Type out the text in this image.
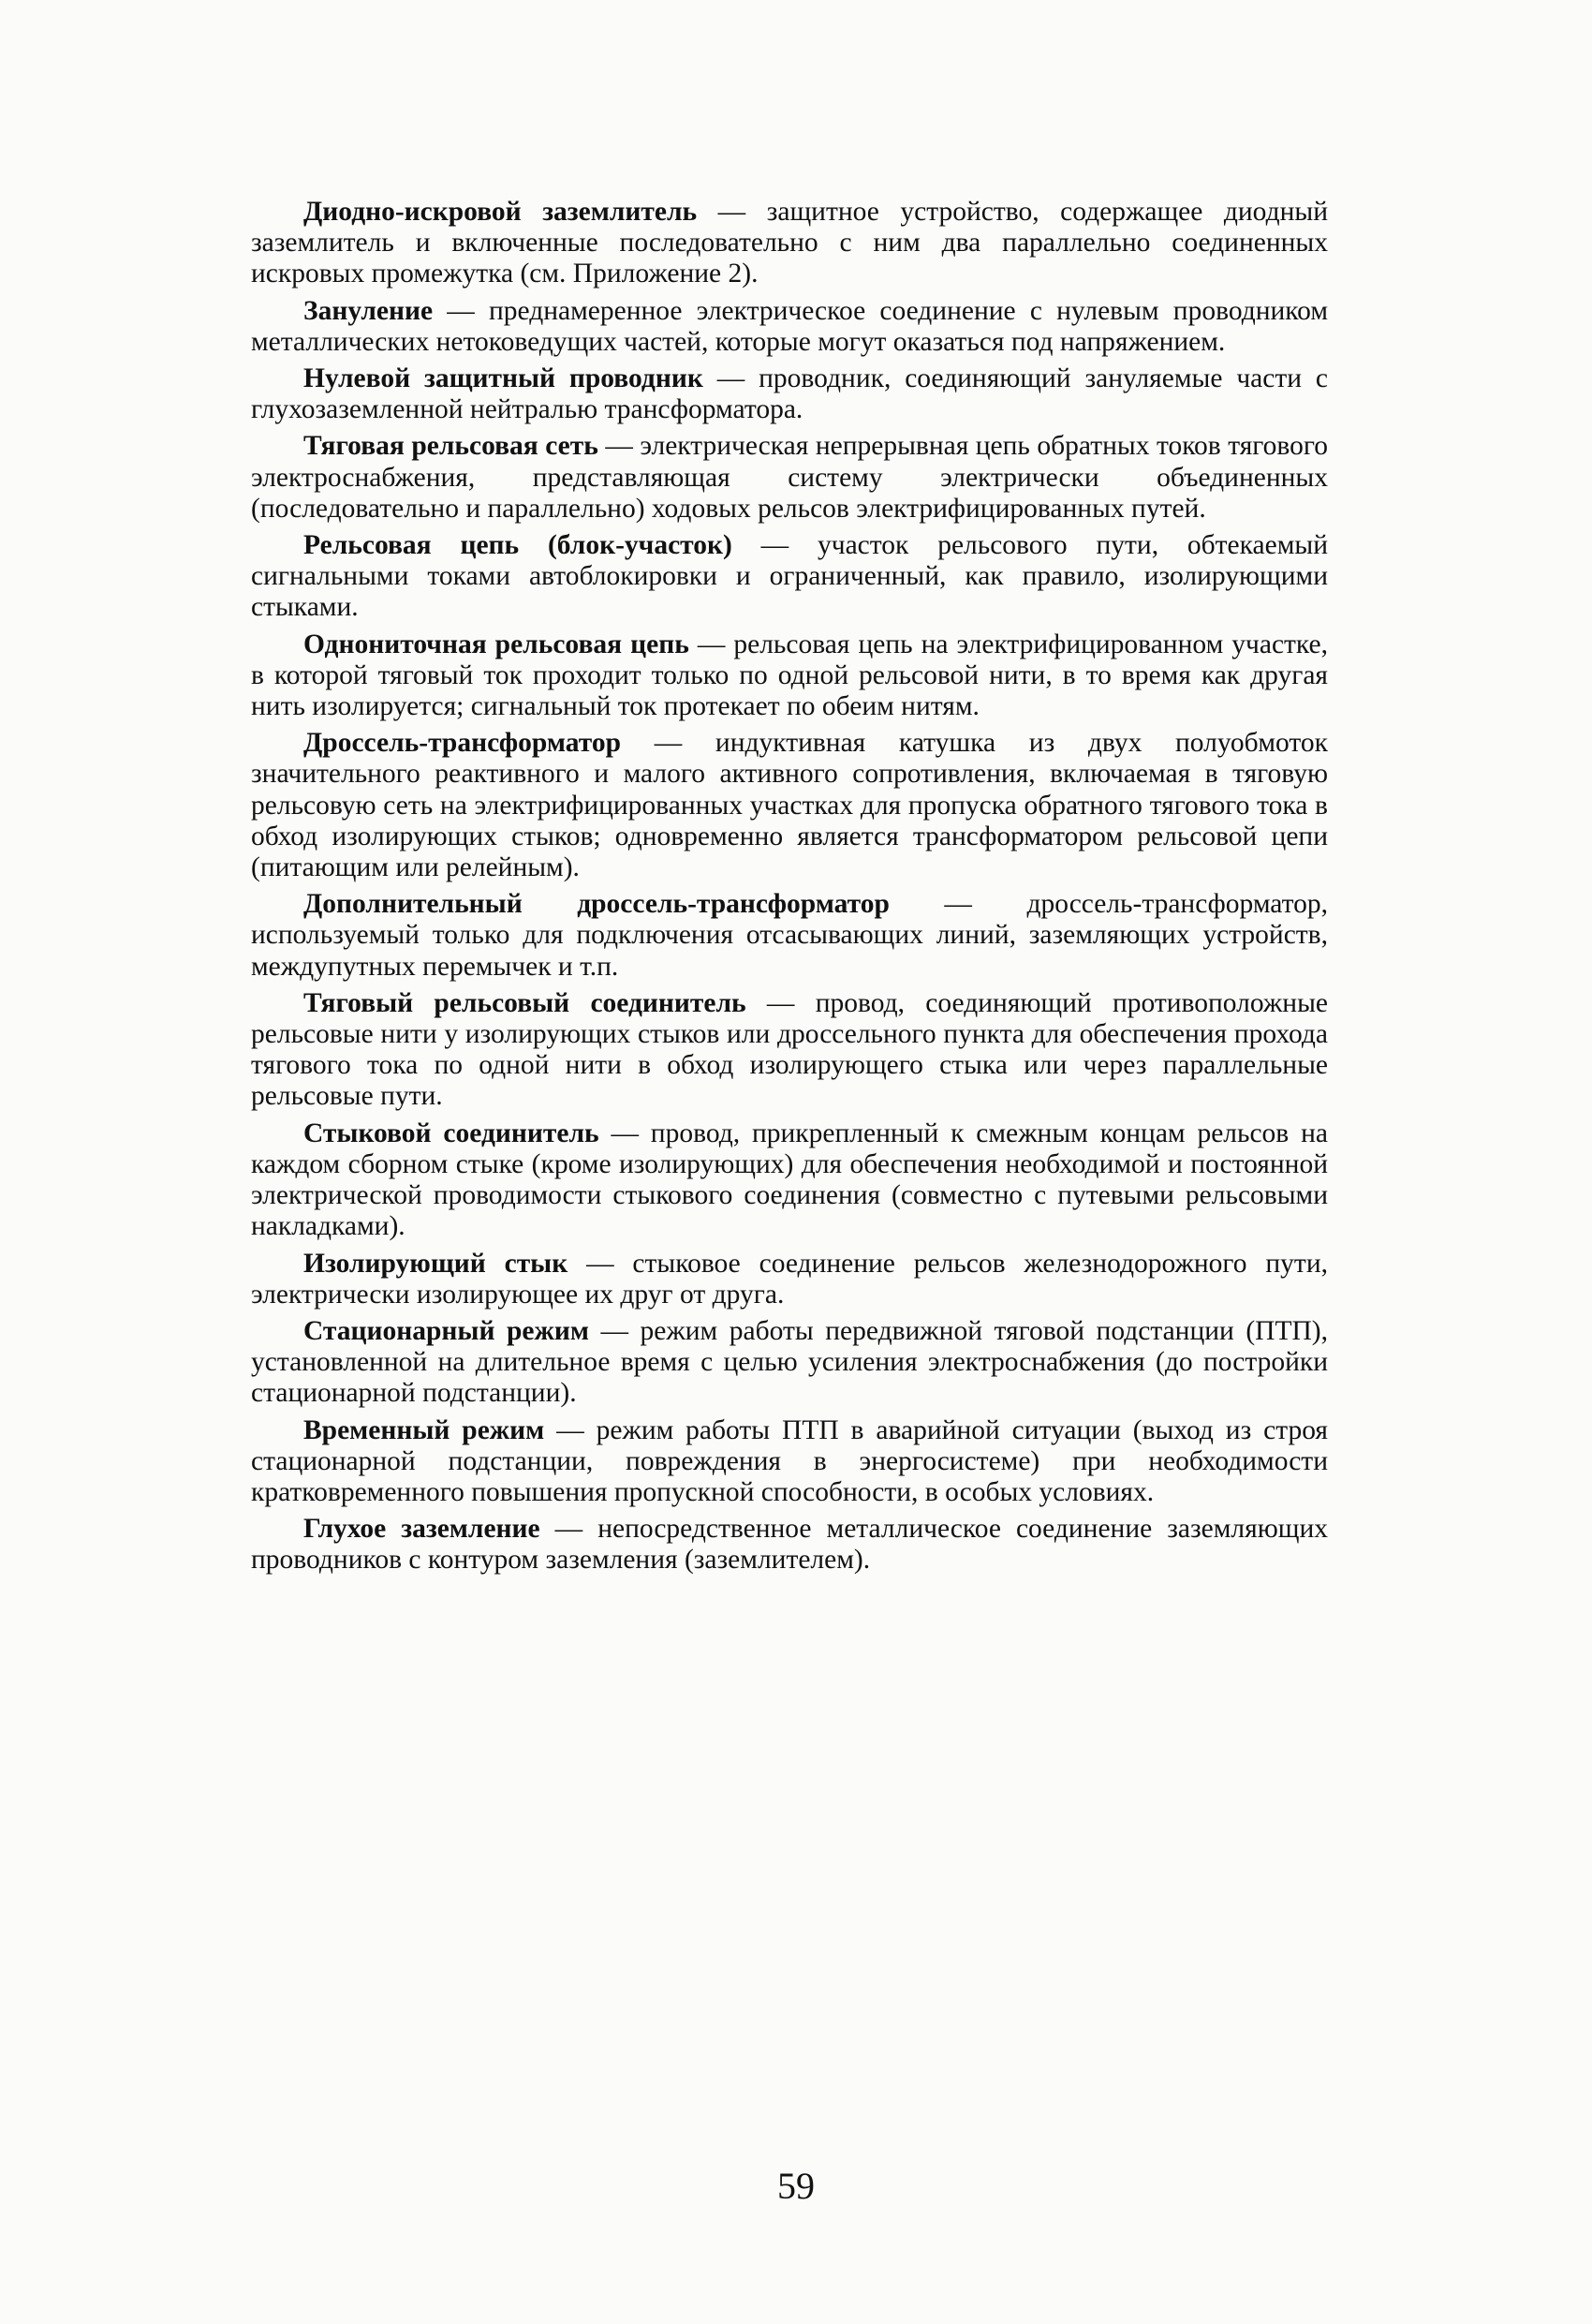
Диодно-искровой заземлитель — защитное устройство, содержащее диодный заземлитель и включенные последовательно с ним два параллельно соединенных искровых промежутка (см. Приложение 2).

Зануление — преднамеренное электрическое соединение с нулевым проводником металлических нетоковедущих частей, которые могут оказаться под напряжением.

Нулевой защитный проводник — проводник, соединяющий зануляемые части с глухозаземленной нейтралью трансформатора.

Тяговая рельсовая сеть — электрическая непрерывная цепь обратных токов тягового электроснабжения, представляющая систему электрически объединенных (последовательно и параллельно) ходовых рельсов электрифицированных путей.

Рельсовая цепь (блок-участок) — участок рельсового пути, обтекаемый сигнальными токами автоблокировки и ограниченный, как правило, изолирующими стыками.

Однониточная рельсовая цепь — рельсовая цепь на электрифицированном участке, в которой тяговый ток проходит только по одной рельсовой нити, в то время как другая нить изолируется; сигнальный ток протекает по обеим нитям.

Дроссель-трансформатор — индуктивная катушка из двух полуобмоток значительного реактивного и малого активного сопротивления, включаемая в тяговую рельсовую сеть на электрифицированных участках для пропуска обратного тягового тока в обход изолирующих стыков; одновременно является трансформатором рельсовой цепи (питающим или релейным).

Дополнительный дроссель-трансформатор — дроссель-трансформатор, используемый только для подключения отсасывающих линий, заземляющих устройств, междупутных перемычек и т.п.

Тяговый рельсовый соединитель — провод, соединяющий противоположные рельсовые нити у изолирующих стыков или дроссельного пункта для обеспечения прохода тягового тока по одной нити в обход изолирующего стыка или через параллельные рельсовые пути.

Стыковой соединитель — провод, прикрепленный к смежным концам рельсов на каждом сборном стыке (кроме изолирующих) для обеспечения необходимой и постоянной электрической проводимости стыкового соединения (совместно с путевыми рельсовыми накладками).

Изолирующий стык — стыковое соединение рельсов железнодорожного пути, электрически изолирующее их друг от друга.

Стационарный режим — режим работы передвижной тяговой подстанции (ПТП), установленной на длительное время с целью усиления электроснабжения (до постройки стационарной подстанции).

Временный режим — режим работы ПТП в аварийной ситуации (выход из строя стационарной подстанции, повреждения в энергосистеме) при необходимости кратковременного повышения пропускной способности, в особых условиях.

Глухое заземление — непосредственное металлическое соединение заземляющих проводников с контуром заземления (заземлителем).

59
